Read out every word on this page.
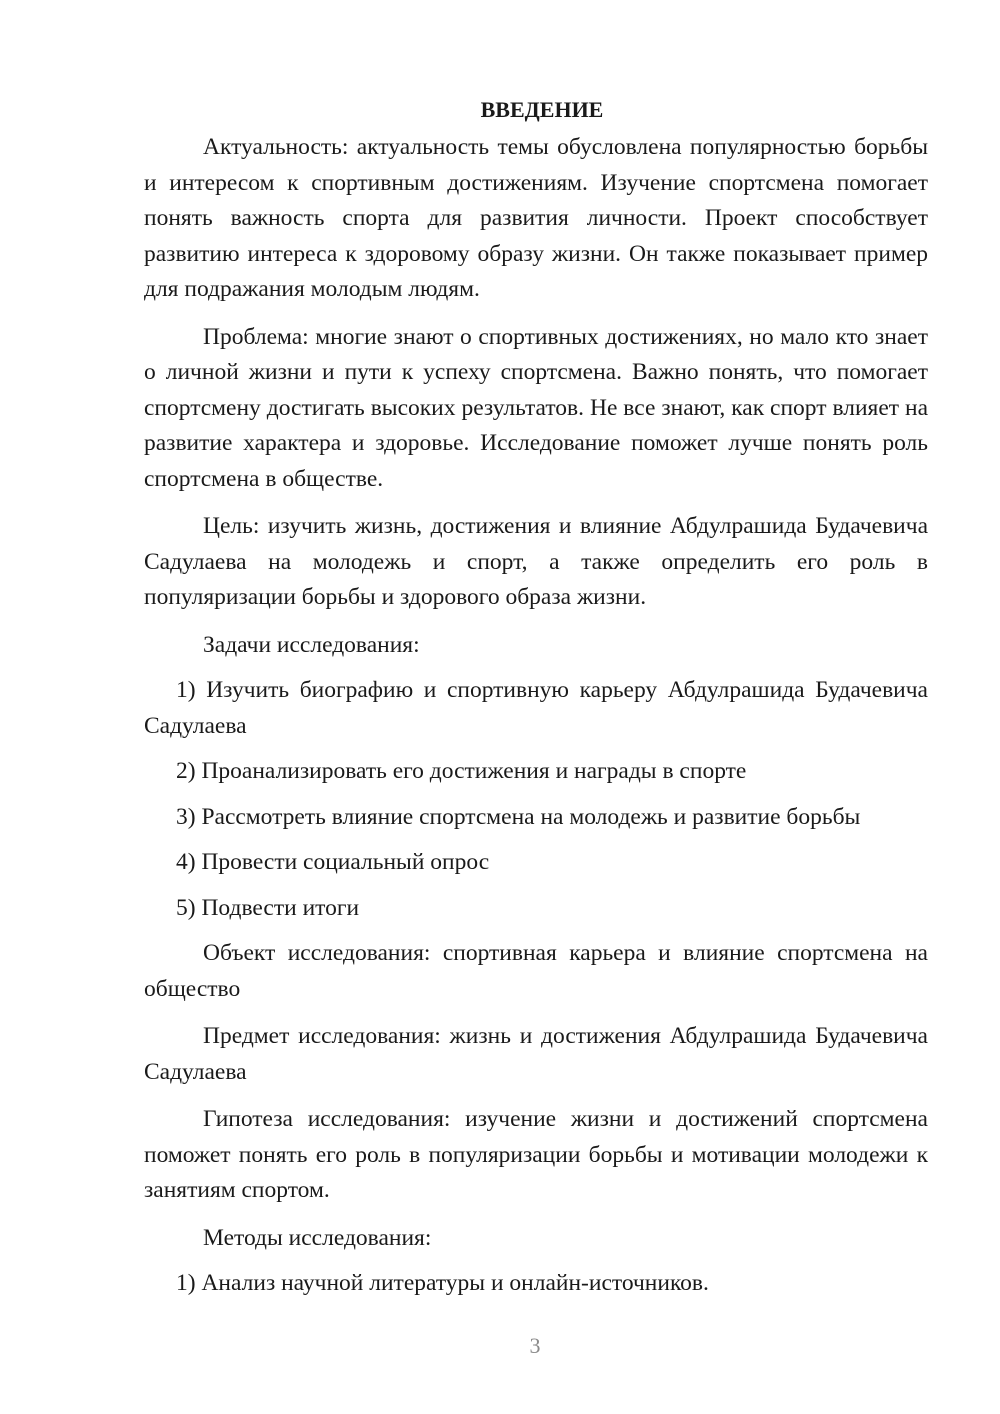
ВВЕДЕНИЕ

Актуальность: актуальность темы обусловлена популярностью борьбы и интересом к спортивным достижениям. Изучение спортсмена помогает понять важность спорта для развития личности. Проект способствует развитию интереса к здоровому образу жизни. Он также показывает пример для подражания молодым людям.

Проблема: многие знают о спортивных достижениях, но мало кто знает о личной жизни и пути к успеху спортсмена. Важно понять, что помогает спортсмену достигать высоких результатов. Не все знают, как спорт влияет на развитие характера и здоровье. Исследование поможет лучше понять роль спортсмена в обществе.

Цель: изучить жизнь, достижения и влияние Абдулрашида Будачевича Садулаева на молодежь и спорт, а также определить его роль в популяризации борьбы и здорового образа жизни.

Задачи исследования:

1) Изучить биографию и спортивную карьеру Абдулрашида Будачевича Садулаева

2) Проанализировать его достижения и награды в спорте

3) Рассмотреть влияние спортсмена на молодежь и развитие борьбы

4) Провести социальный опрос

5) Подвести итоги

Объект исследования: спортивная карьера и влияние спортсмена на общество

Предмет исследования: жизнь и достижения Абдулрашида Будачевича Садулаева

Гипотеза исследования: изучение жизни и достижений спортсмена поможет понять его роль в популяризации борьбы и мотивации молодежи к занятиям спортом.

Методы исследования:

1) Анализ научной литературы и онлайн-источников.

3
